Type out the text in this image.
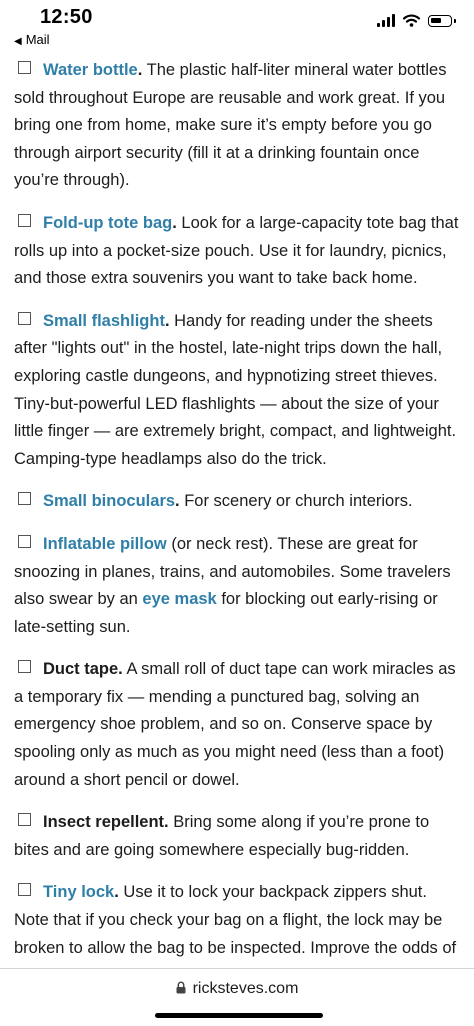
12:50
◀ Mail

Water bottle. The plastic half-liter mineral water bottles sold throughout Europe are reusable and work great. If you bring one from home, make sure it’s empty before you go through airport security (fill it at a drinking fountain once you’re through).

Fold-up tote bag. Look for a large-capacity tote bag that rolls up into a pocket-size pouch. Use it for laundry, picnics, and those extra souvenirs you want to take back home.

Small flashlight. Handy for reading under the sheets after "lights out" in the hostel, late-night trips down the hall, exploring castle dungeons, and hypnotizing street thieves. Tiny-but-powerful LED flashlights — about the size of your little finger — are extremely bright, compact, and lightweight. Camping-type headlamps also do the trick.

Small binoculars. For scenery or church interiors.

Inflatable pillow (or neck rest). These are great for snoozing in planes, trains, and automobiles. Some travelers also swear by an eye mask for blocking out early-rising or late-setting sun.

Duct tape. A small roll of duct tape can work miracles as a temporary fix — mending a punctured bag, solving an emergency shoe problem, and so on. Conserve space by spooling only as much as you might need (less than a foot) around a short pencil or dowel.

Insect repellent. Bring some along if you’re prone to bites and are going somewhere especially bug-ridden.

Tiny lock. Use it to lock your backpack zippers shut. Note that if you check your bag on a flight, the lock may be broken to allow the bag to be inspected. Improve the odds of

ricksteves.com
